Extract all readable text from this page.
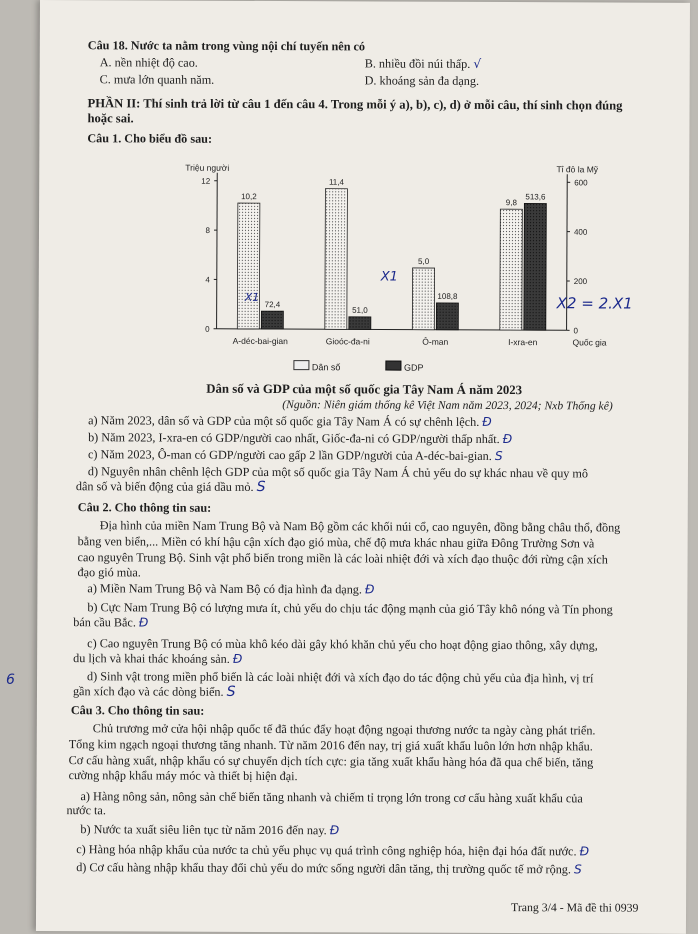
6
Câu 18. Nước ta nằm trong vùng nội chí tuyến nên có
A. nền nhiệt độ cao.	B. nhiều đồi núi thấp. √
C. mưa lớn quanh năm.	D. khoáng sản đa dạng.
PHẦN II: Thí sinh trả lời từ câu 1 đến câu 4. Trong mỗi ý a), b), c), d) ở mỗi câu, thí sinh chọn đúng
hoặc sai.
Câu 1. Cho biểu đồ sau:
0
4
8
12
0
200
400
600
Triệu người	Tỉ đô la Mỹ
Quốc gia
10,2
72,4
A-déc-bai-gian
11,4
51,0
Gioóc-đa-ni
5,0
108,8
Ô-man
9,8
513,6
I-xra-en
X1
X1	X2 = 2.X1
Dân số	GDP
Dân số và GDP của một số quốc gia Tây Nam Á năm 2023
(Nguồn: Niên giám thống kê Việt Nam năm 2023, 2024; Nxb Thống kê)
a) Năm 2023, dân số và GDP của một số quốc gia Tây Nam Á có sự chênh lệch. Đ
b) Năm 2023, I-xra-en có GDP/người cao nhất, Giốc-đa-ni có GDP/người thấp nhất. Đ
c) Năm 2023, Ô-man có GDP/người cao gấp 2 lần GDP/người của A-déc-bai-gian. S
d) Nguyên nhân chênh lệch GDP của một số quốc gia Tây Nam Á chủ yếu do sự khác nhau về quy mô
dân số và biến động của giá dầu mỏ. S
Câu 2. Cho thông tin sau:
Địa hình của miền Nam Trung Bộ và Nam Bộ gồm các khối núi cổ, cao nguyên, đồng bằng châu thổ, đồng
bằng ven biển,... Miền có khí hậu cận xích đạo gió mùa, chế độ mưa khác nhau giữa Đông Trường Sơn và
cao nguyên Trung Bộ. Sinh vật phổ biến trong miền là các loài nhiệt đới và xích đạo thuộc đới rừng cận xích
đạo gió mùa.
a) Miền Nam Trung Bộ và Nam Bộ có địa hình đa dạng. Đ
b) Cực Nam Trung Bộ có lượng mưa ít, chủ yếu do chịu tác động mạnh của gió Tây khô nóng và Tín phong
bán cầu Bắc. Đ
c) Cao nguyên Trung Bộ có mùa khô kéo dài gây khó khăn chủ yếu cho hoạt động giao thông, xây dựng,
du lịch và khai thác khoáng sản. Đ
d) Sinh vật trong miền phổ biến là các loài nhiệt đới và xích đạo do tác động chủ yếu của địa hình, vị trí
gần xích đạo và các dòng biển. S
Câu 3. Cho thông tin sau:
Chủ trương mở cửa hội nhập quốc tế đã thúc đẩy hoạt động ngoại thương nước ta ngày càng phát triển.
Tổng kim ngạch ngoại thương tăng nhanh. Từ năm 2016 đến nay, trị giá xuất khẩu luôn lớn hơn nhập khẩu.
Cơ cấu hàng xuất, nhập khẩu có sự chuyển dịch tích cực: gia tăng xuất khẩu hàng hóa đã qua chế biến, tăng
cường nhập khẩu máy móc và thiết bị hiện đại.
a) Hàng nông sản, nông sản chế biến tăng nhanh và chiếm tỉ trọng lớn trong cơ cấu hàng xuất khẩu của
nước ta.
b) Nước ta xuất siêu liên tục từ năm 2016 đến nay. Đ
c) Hàng hóa nhập khẩu của nước ta chủ yếu phục vụ quá trình công nghiệp hóa, hiện đại hóa đất nước. Đ
d) Cơ cấu hàng nhập khẩu thay đổi chủ yếu do mức sống người dân tăng, thị trường quốc tế mở rộng. S
Trang 3/4 - Mã đề thi 0939
